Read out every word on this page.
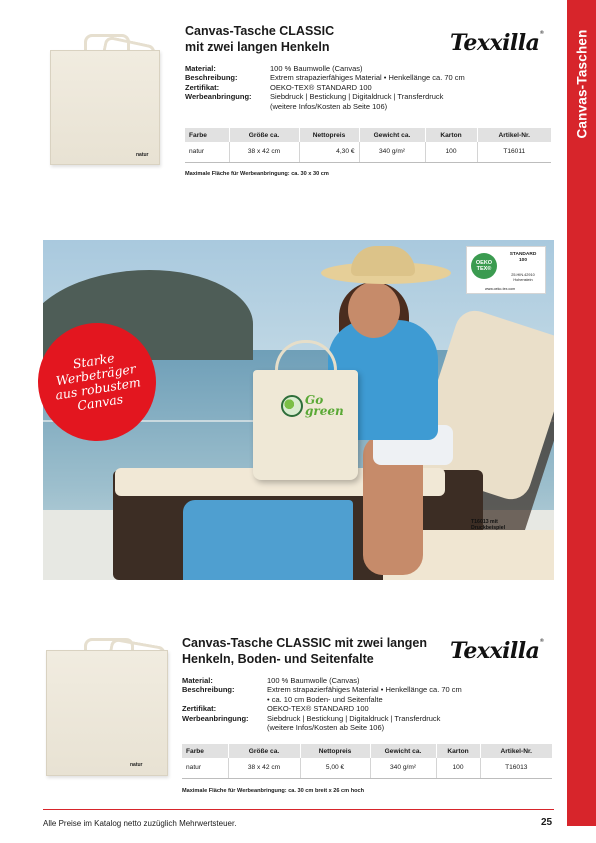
Canvas-Taschen
natur
Canvas-Tasche CLASSIC
mit zwei langen Henkeln	Texxilla®
Material:	100 % Baumwolle (Canvas)
Beschreibung:	Extrem strapazierfähiges Material • Henkellänge ca. 70 cm
Zertifikat:	OEKO-TEX® STANDARD 100
Werbeanbringung:	Siebdruck | Bestickung | Digitaldruck | Transferdruck
(weitere Infos/Kosten ab Seite 106)
Farbe	Größe ca.	Nettopreis	Gewicht ca.	Karton	Artikel-Nr.
natur	38 x 42 cm	4,30 €	340 g/m²	100	T16011
Maximale Fläche für Werbeanbringung: ca. 30 x 30 cm
Go
green
Starke
Werbeträger
aus robustem
Canvas
OEKO
TEX®
STANDARD
100
25.HIN.42910
Hohenstein
www.oeko-tex.com
T16013 mit
Druckbeispiel
natur
Canvas-Tasche CLASSIC mit zwei langen
Henkeln, Boden- und Seitenfalte	Texxilla®
Material:	100 % Baumwolle (Canvas)
Beschreibung:	Extrem strapazierfähiges Material • Henkellänge ca. 70 cm
• ca. 10 cm Boden- und Seitenfalte
Zertifikat:	OEKO-TEX® STANDARD 100
Werbeanbringung:	Siebdruck | Bestickung | Digitaldruck | Transferdruck
(weitere Infos/Kosten ab Seite 106)
Farbe	Größe ca.	Nettopreis	Gewicht ca.	Karton	Artikel-Nr.
natur	38 x 42 cm	5,00 €	340 g/m²	100	T16013
Maximale Fläche für Werbeanbringung: ca. 30 cm breit x 26 cm hoch
Alle Preise im Katalog netto zuzüglich Mehrwertsteuer.	25
